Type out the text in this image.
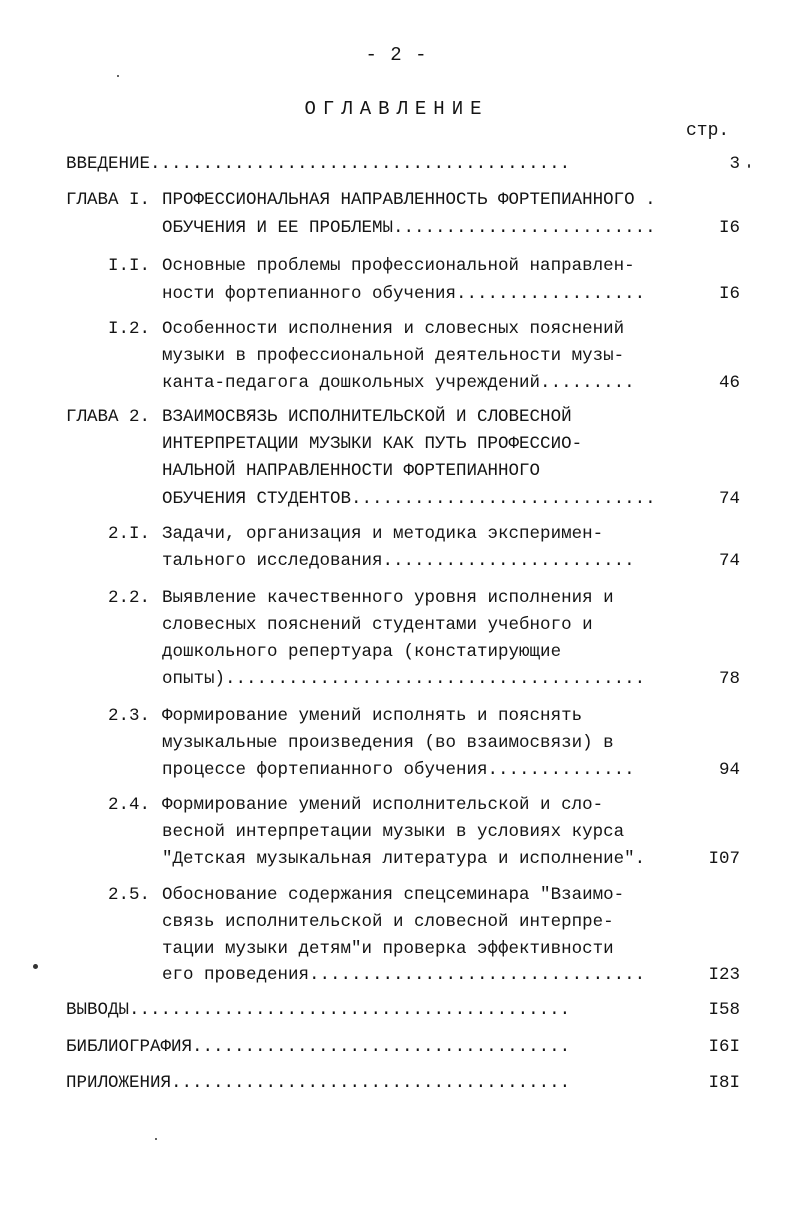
- 2 -
ОГЛАВЛЕНИЕ
стр.
ВВЕДЕНИЕ........................................	3
ГЛАВА I. ПРОФЕССИОНАЛЬНАЯ НАПРАВЛЕННОСТЬ ФОРТЕПИАННОГО .
ОБУЧЕНИЯ И ЕЕ ПРОБЛЕМЫ.........................	I6
I.I. Основные проблемы профессиональной направлен-
ности фортепианного обучения..................	I6
I.2. Особенности исполнения и словесных пояснений
музыки в профессиональной деятельности музы-
канта-педагога дошкольных учреждений.........	46
ГЛАВА 2. ВЗАИМОСВЯЗЬ ИСПОЛНИТЕЛЬСКОЙ И СЛОВЕСНОЙ
ИНТЕРПРЕТАЦИИ МУЗЫКИ КАК ПУТЬ ПРОФЕССИО-
НАЛЬНОЙ НАПРАВЛЕННОСТИ ФОРТЕПИАННОГО
ОБУЧЕНИЯ СТУДЕНТОВ.............................	74
2.I. Задачи, организация и методика эксперимен-
тального исследования........................	74
2.2. Выявление качественного уровня исполнения и
словесных пояснений студентами учебного и
дошкольного репертуара (констатирующие
опыты)........................................	78
2.3. Формирование умений исполнять и пояснять
музыкальные произведения (во взаимосвязи) в
процессе фортепианного обучения..............	94
2.4. Формирование умений исполнительской и сло-
весной интерпретации музыки в условиях курса
"Детская музыкальная литература и исполнение".	I07
2.5. Обоснование содержания спецсеминара "Взаимо-
связь исполнительской и словесной интерпре-
тации музыки детям"и проверка эффективности
его проведения................................	I23
ВЫВОДЫ..........................................	I58
БИБЛИОГРАФИЯ....................................	I6I
ПРИЛОЖЕНИЯ......................................	I8I
